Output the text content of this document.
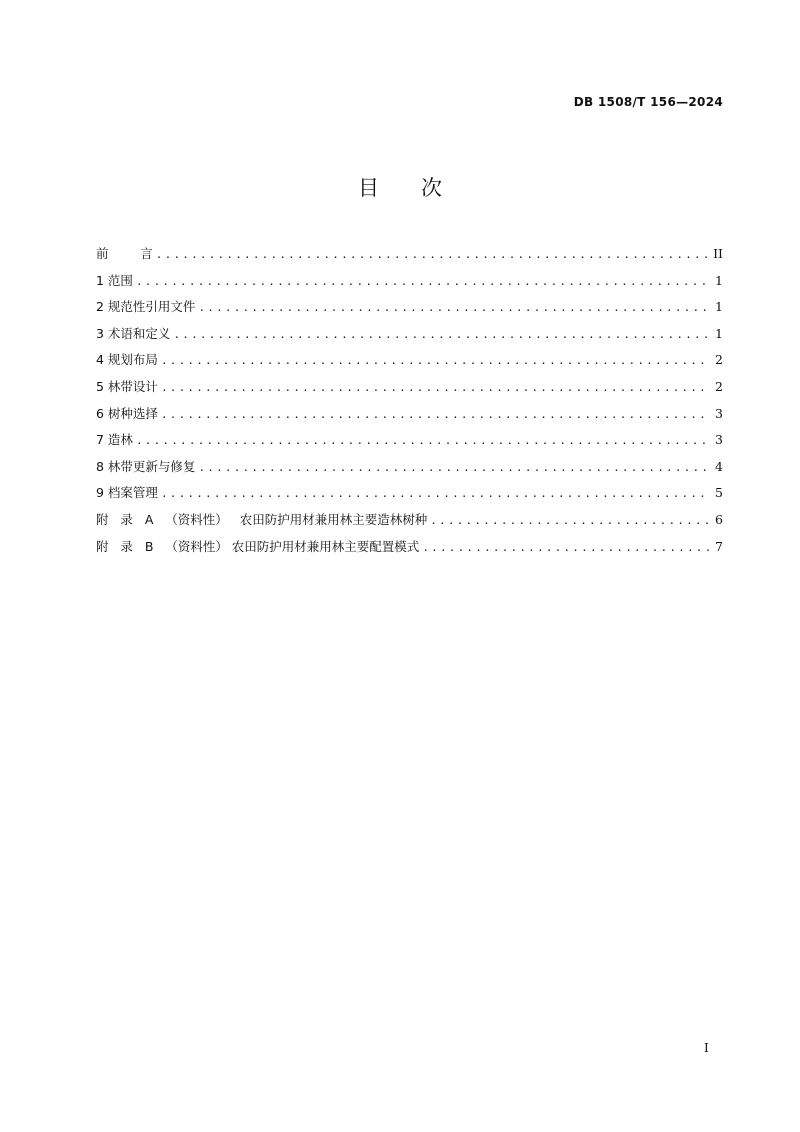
DB 1508/T 156—2024
目 次
前        言 .....	II
1 范围 .....	1
2 规范性引用文件 .....	1
3 术语和定义 .....	1
4 规划布局 .....	2
5 林带设计 .....	2
6 树种选择 .....	3
7 造林 .....	3
8 林带更新与修复 .....	4
9 档案管理 .....	5
附   录   A   （资料性）   农田防护用材兼用林主要造林树种 .....	6
附   录   B   （资料性） 农田防护用材兼用林主要配置模式 .....	7
I
